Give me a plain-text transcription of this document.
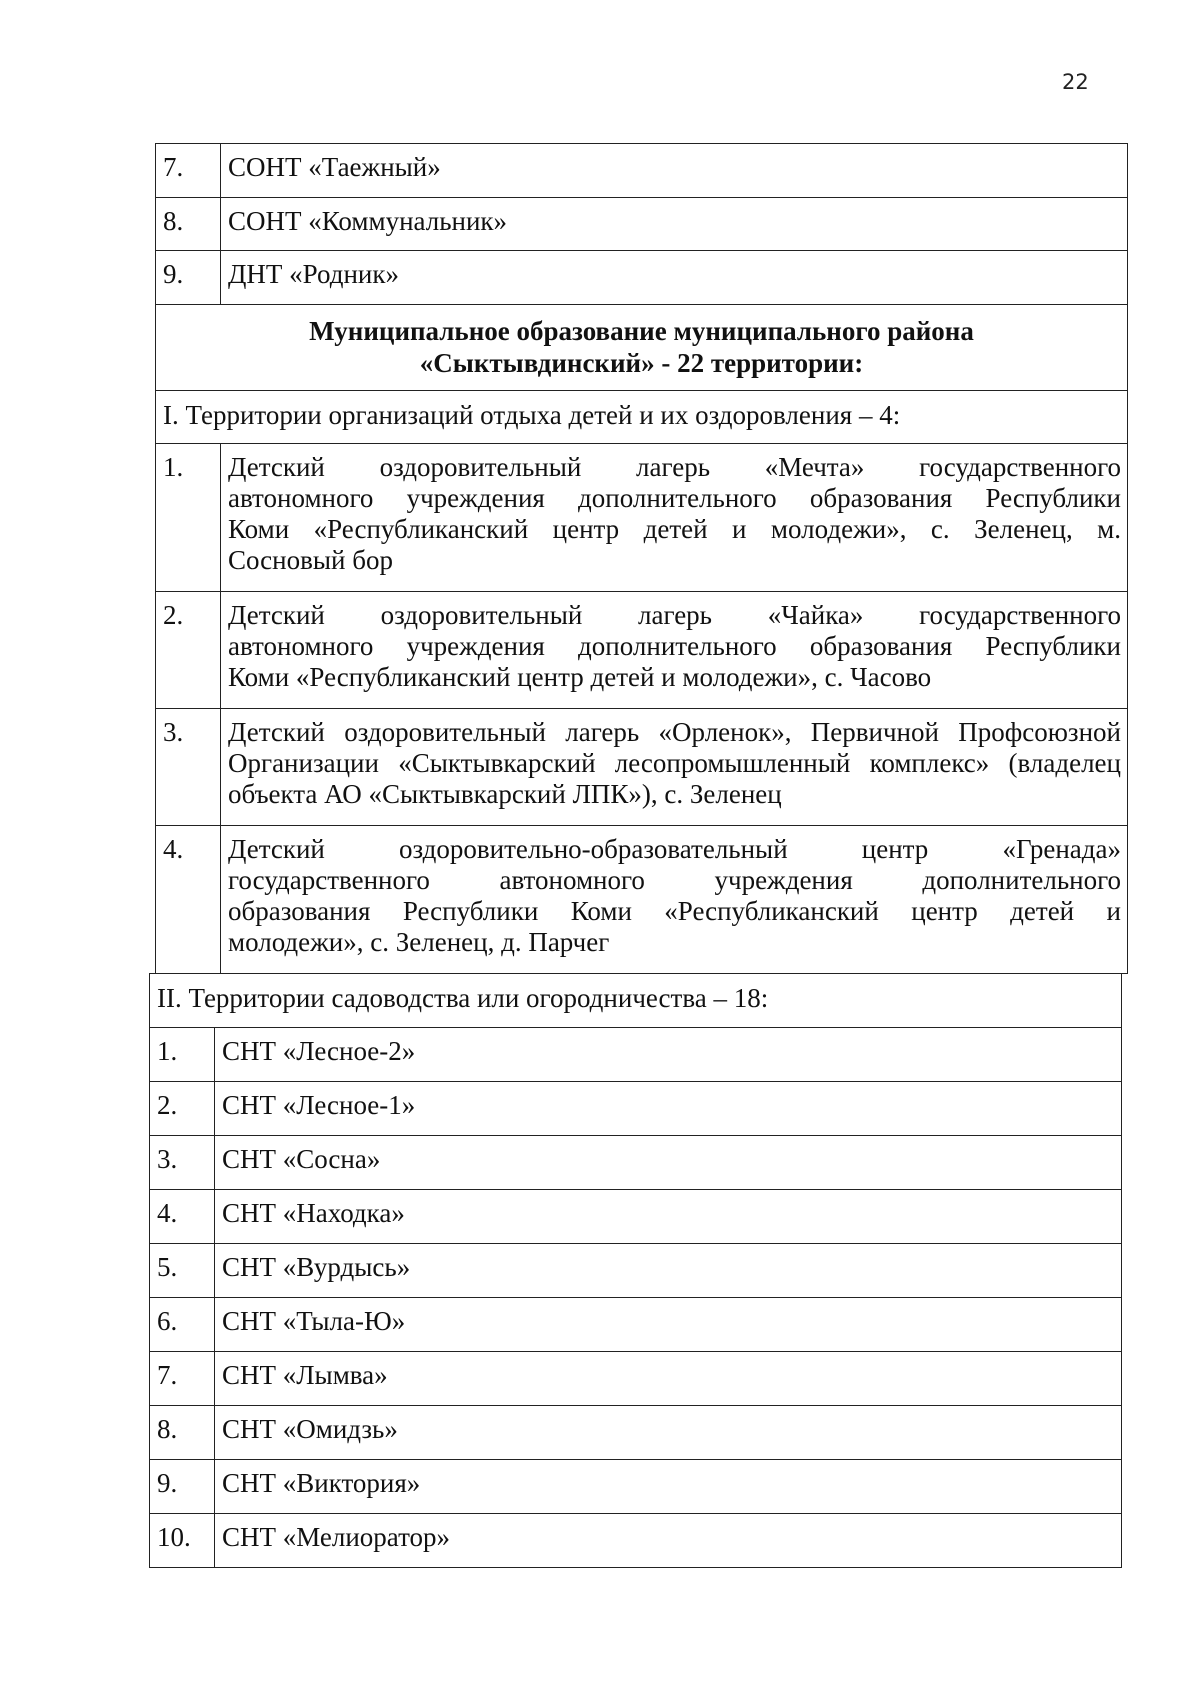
22
7.	СОНТ «Таежный»
8.	СОНТ «Коммунальник»
9.	ДНТ «Родник»

Муниципальное образование муниципального района
«Сыктывдинский» - 22 территории:	

I. Территории организаций отдыха детей и их оздоровления – 4:	
1.	Детский оздоровительный лагерь «Мечта» государственного
автономного учреждения дополнительного образования Республики
Коми «Республиканский центр детей и молодежи», с. Зеленец, м.
Сосновый бор

2.	Детский оздоровительный лагерь «Чайка» государственного
автономного учреждения дополнительного образования Республики
Коми «Республиканский центр детей и молодежи», с. Часово

3.	Детский оздоровительный лагерь «Орленок», Первичной Профсоюзной
Организации «Сыктывкарский лесопромышленный комплекс» (владелец
объекта АО «Сыктывкарский ЛПК»), с. Зеленец

4.	Детский оздоровительно-образовательный центр «Гренада»
государственного автономного учреждения дополнительного
образования Республики Коми «Республиканский центр детей и
молодежи», с. Зеленец, д. Парчег
II. Территории садоводства или огородничества – 18:	
1.	СНТ «Лесное-2»
2.	СНТ «Лесное-1»
3.	СНТ «Сосна»
4.	СНТ «Находка»
5.	СНТ «Вурдысь»
6.	СНТ «Тыла-Ю»
7.	СНТ «Лымва»
8.	СНТ «Омидзь»
9.	СНТ «Виктория»
10.	СНТ «Мелиоратор»
